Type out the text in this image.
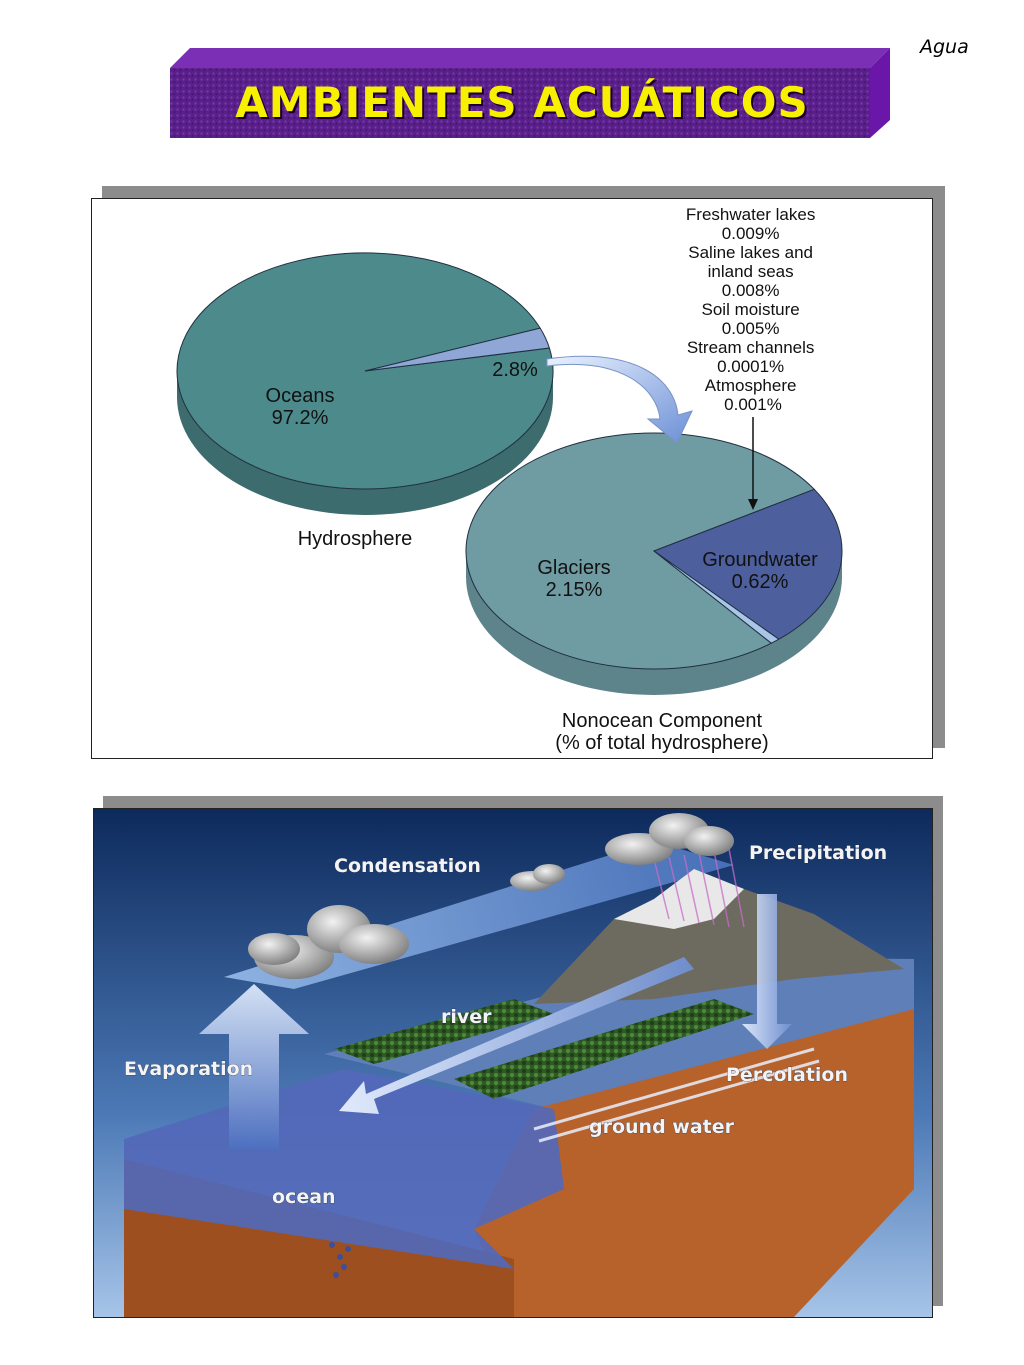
Agua
AMBIENTES ACUÁTICOS
Freshwater lakes 0.009% Saline lakes and inland seas 0.008% Soil moisture 0.005% Stream channels 0.0001% Atmosphere 0.001%
Oceans
97.2%
2.8%
Hydrosphere
Glaciers
2.15%
Groundwater
0.62%
Nonocean Component
(% of total hydrosphere)
Condensation
Precipitation
Evaporation
river
Percolation
ground water
ocean
